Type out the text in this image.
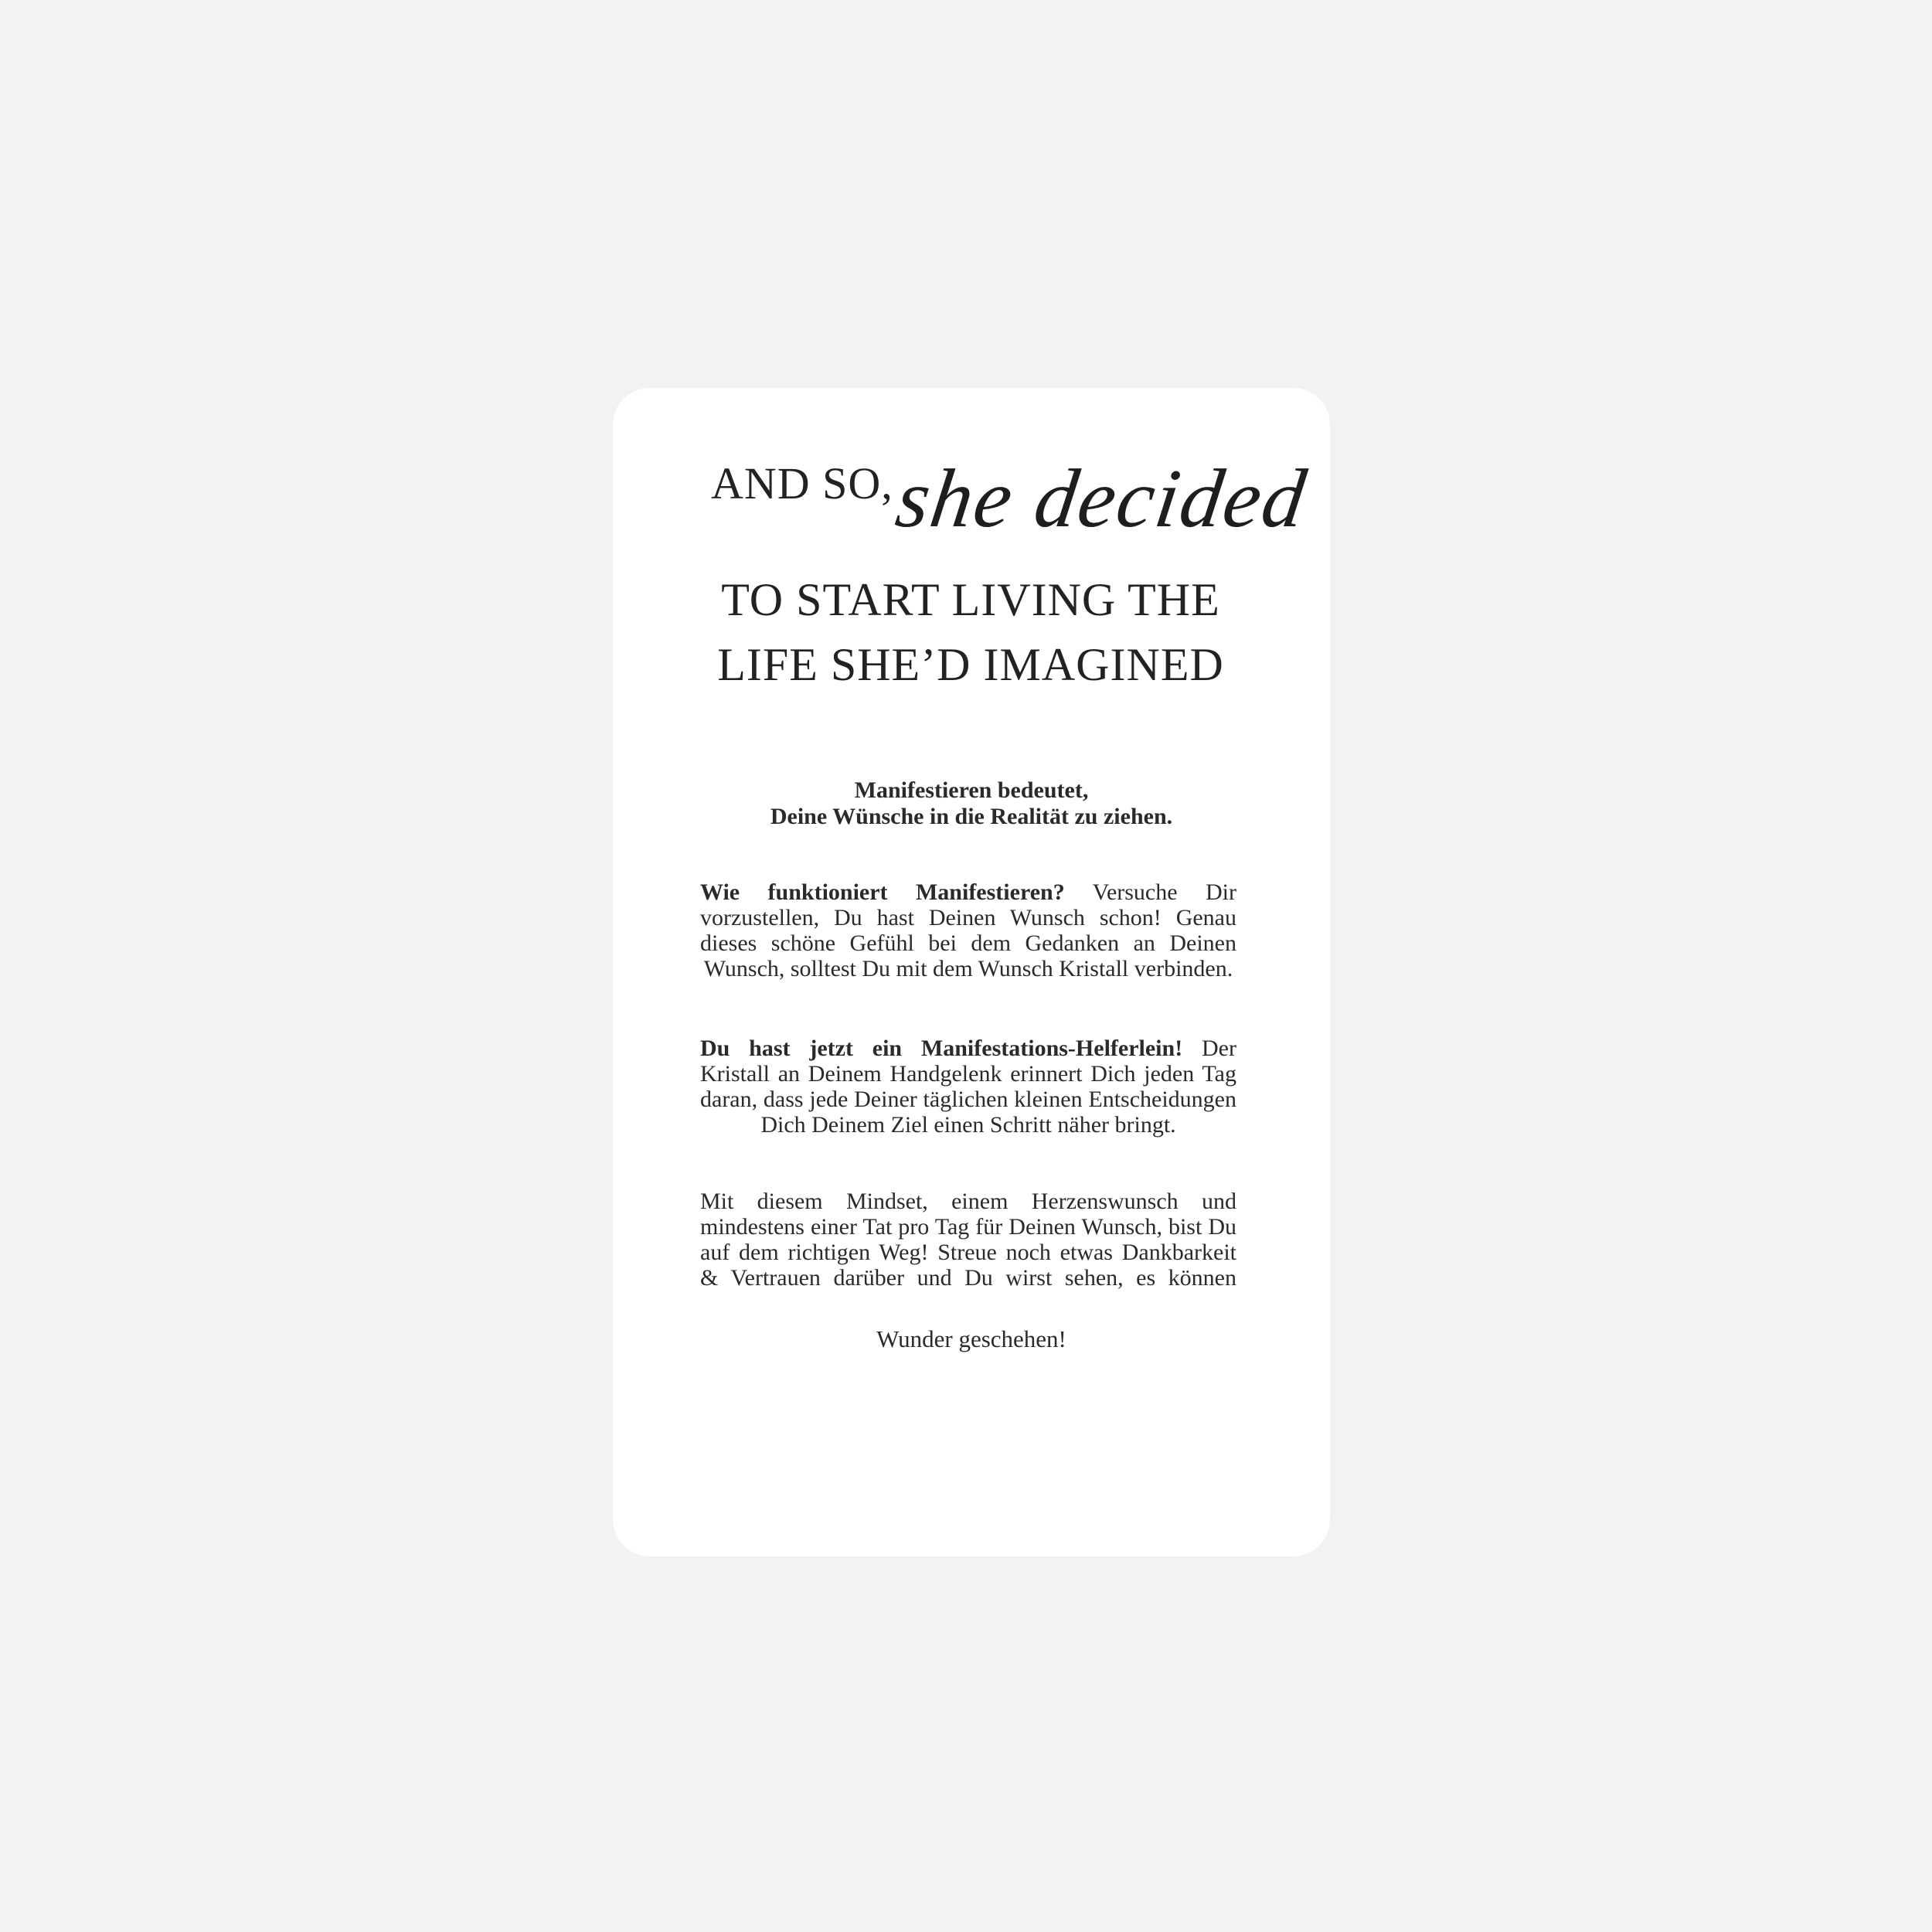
AND SO,
she decided
TO START LIVING THE
LIFE SHE’D IMAGINED
Manifestieren bedeutet,
Deine Wünsche in die Realität zu ziehen.
Wie funktioniert Manifestieren? Versuche Dir vorzustellen, Du hast Deinen Wunsch schon! Genau dieses schöne Gefühl bei dem Gedanken an Deinen Wunsch, solltest Du mit dem Wunsch Kristall verbinden.
Du hast jetzt ein Manifestations-Helferlein! Der Kristall an Deinem Handgelenk erinnert Dich jeden Tag daran, dass jede Deiner täglichen kleinen Entscheidungen Dich Deinem Ziel einen Schritt näher bringt.
Mit diesem Mindset, einem Herzenswunsch und mindestens einer Tat pro Tag für Deinen Wunsch, bist Du auf dem richtigen Weg! Streue noch etwas Dankbarkeit & Vertrauen darüber und Du wirst sehen, es können
Wunder geschehen!
